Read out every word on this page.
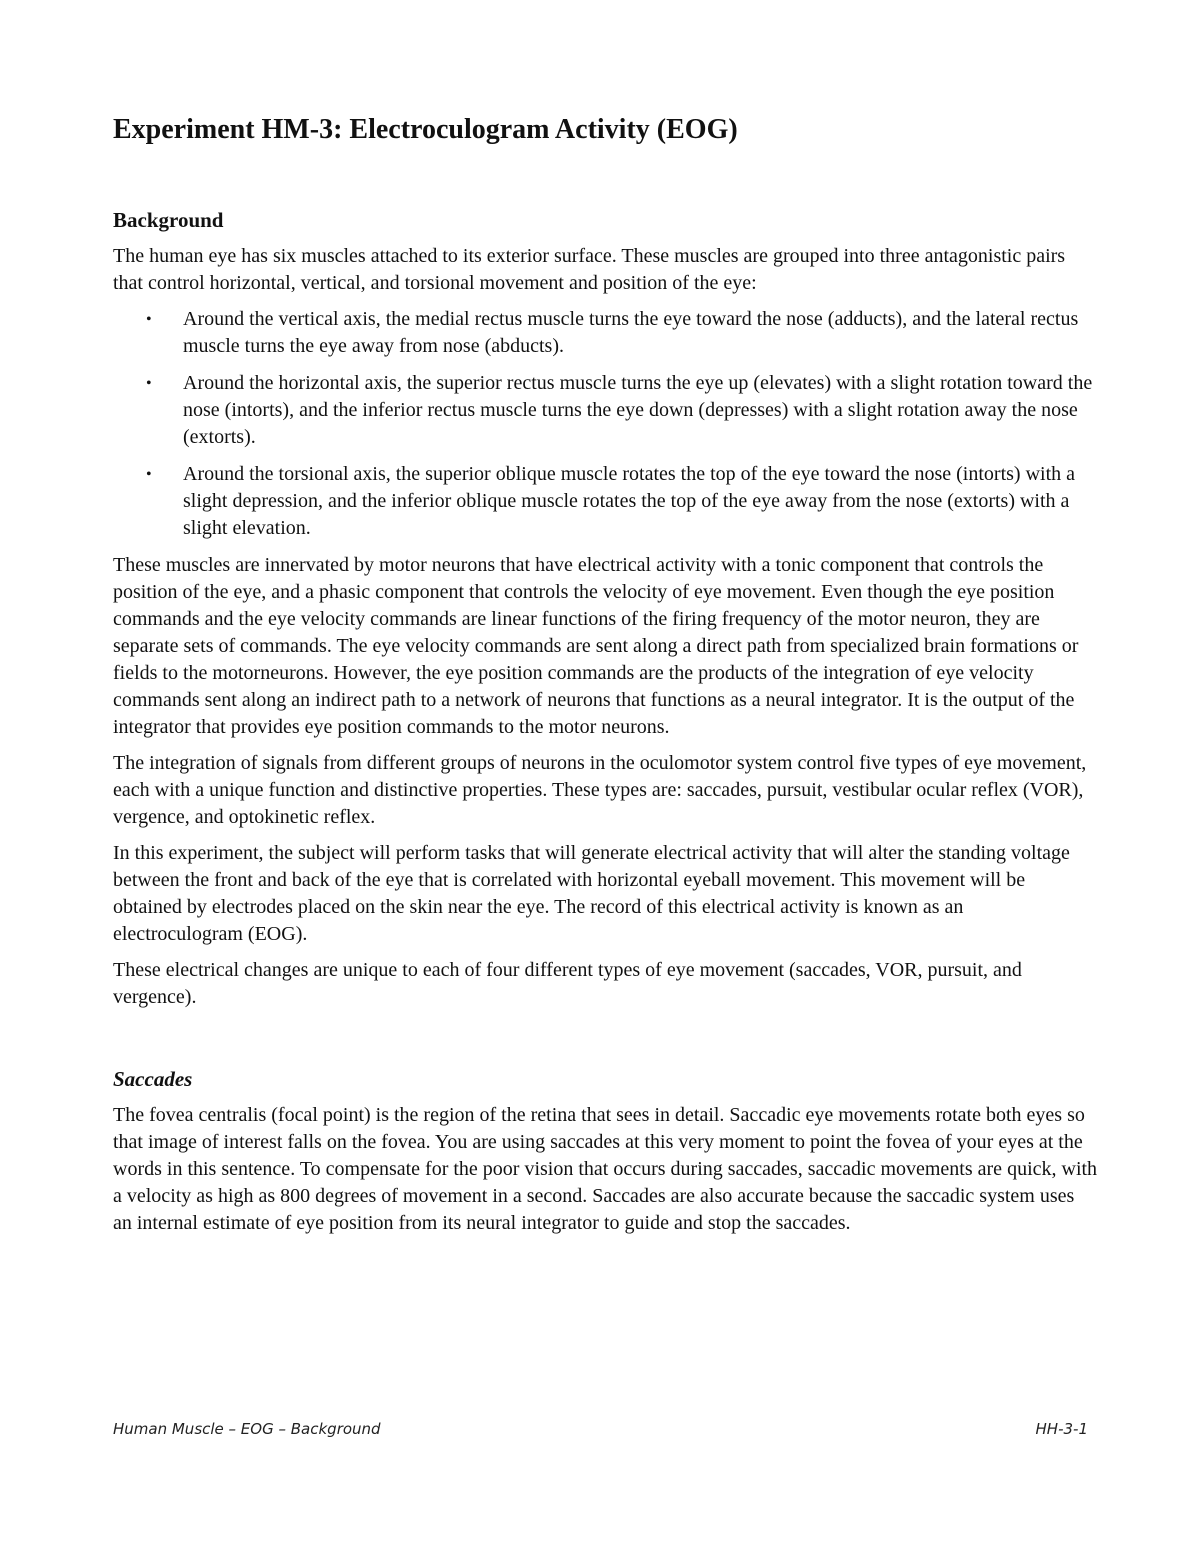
Experiment HM-3: Electroculogram Activity (EOG)
Background

The human eye has six muscles attached to its exterior surface. These muscles are grouped into three antagonistic pairs that control horizontal, vertical, and torsional movement and position of the eye:

• Around the vertical axis, the medial rectus muscle turns the eye toward the nose (adducts), and the lateral rectus muscle turns the eye away from nose (abducts).
• Around the horizontal axis, the superior rectus muscle turns the eye up (elevates) with a slight rotation toward the nose (intorts), and the inferior rectus muscle turns the eye down (depresses) with a slight rotation away the nose (extorts).
• Around the torsional axis, the superior oblique muscle rotates the top of the eye toward the nose (intorts) with a slight depression, and the inferior oblique muscle rotates the top of the eye away from the nose (extorts) with a slight elevation.

These muscles are innervated by motor neurons that have electrical activity with a tonic component that controls the position of the eye, and a phasic component that controls the velocity of eye movement. Even though the eye position commands and the eye velocity commands are linear functions of the firing frequency of the motor neuron, they are separate sets of commands. The eye velocity commands are sent along a direct path from specialized brain formations or fields to the motorneurons. However, the eye position commands are the products of the integration of eye velocity commands sent along an indirect path to a network of neurons that functions as a neural integrator. It is the output of the integrator that provides eye position commands to the motor neurons.

The integration of signals from different groups of neurons in the oculomotor system control five types of eye movement, each with a unique function and distinctive properties. These types are: saccades, pursuit, vestibular ocular reflex (VOR), vergence, and optokinetic reflex.

In this experiment, the subject will perform tasks that will generate electrical activity that will alter the standing voltage between the front and back of the eye that is correlated with horizontal eyeball movement. This movement will be obtained by electrodes placed on the skin near the eye. The record of this electrical activity is known as an electroculogram (EOG).

These electrical changes are unique to each of four different types of eye movement (saccades, VOR, pursuit, and vergence).

Saccades

The fovea centralis (focal point) is the region of the retina that sees in detail. Saccadic eye movements rotate both eyes so that image of interest falls on the fovea. You are using saccades at this very moment to point the fovea of your eyes at the words in this sentence. To compensate for the poor vision that occurs during saccades, saccadic movements are quick, with a velocity as high as 800 degrees of movement in a second. Saccades are also accurate because the saccadic system uses an internal estimate of eye position from its neural integrator to guide and stop the saccades.

Human Muscle – EOG – Background	HH-3-1
